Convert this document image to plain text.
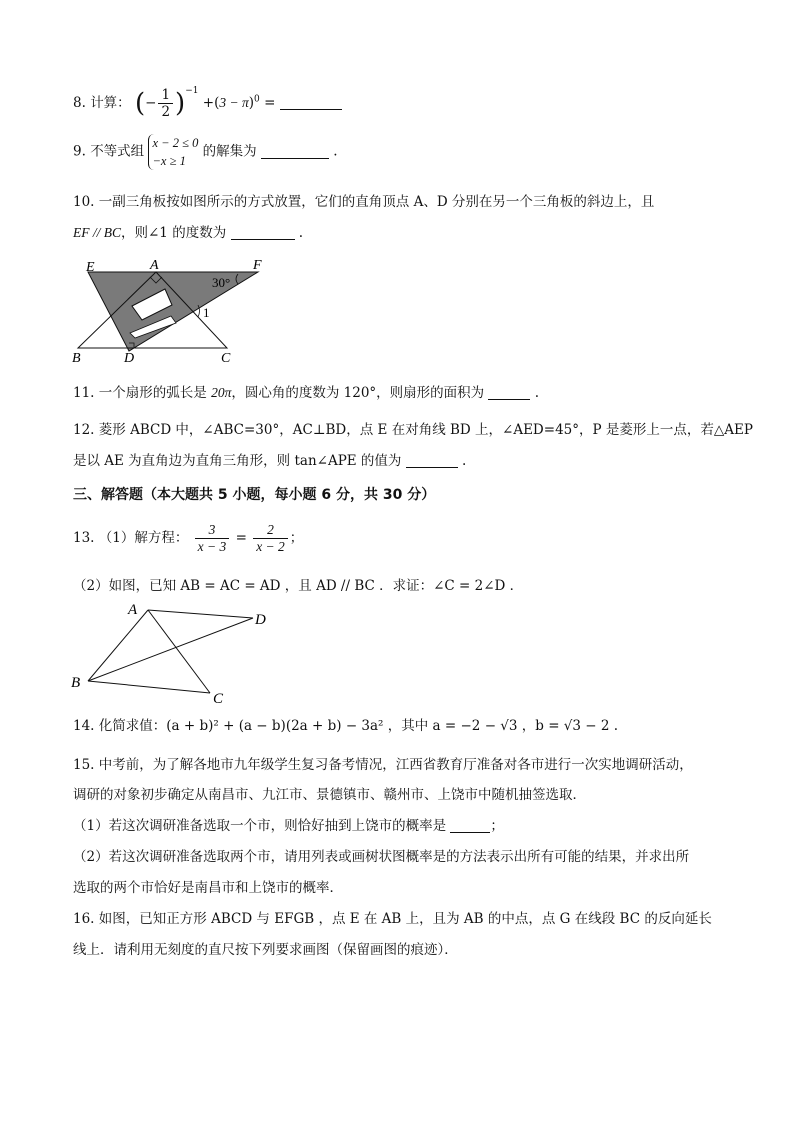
8. 计算： (− $\frac{1}{2} )^{-1} +(3 - \pi)^0$ =
9. 不等式组
x − 2 ≤ 0
−x ≥ 1
的解集为	.
10. 一副三角板按如图所示的方式放置，它们的直角顶点 A、D 分别在另一个三角板的斜边上，且
EF // BC，则∠1 的度数为	.
E	A	F
30°
1
B	D	C
11. 一个扇形的弧长是 20π，圆心角的度数为 120°，则扇形的面积为	.
12. 菱形 ABCD 中，∠ABC=30°，AC⊥BD，点 E 在对角线 BD 上，∠AED=45°，P 是菱形上一点，若△AEP
是以 AE 为直角边为直角三角形，则 tan∠APE 的值为	.
三、解答题（本大题共 5 小题，每小题 6 分，共 30 分）
13. （1）解方程： $\frac{3}{x - 3} = \frac{2}{x - 2}$ ；
（2）如图，已知 AB = AC = AD ，且 AD // BC ．求证：∠C = 2∠D ．
A
D
B
C
14. 化简求值：(a + b)² + (a − b)(2a + b) − 3a² ，其中 a = −2 − √3 ，b = √3 − 2 .
15. 中考前，为了解各地市九年级学生复习备考情况，江西省教育厅准备对各市进行一次实地调研活动，
调研的对象初步确定从南昌市、九江市、景德镇市、赣州市、上饶市中随机抽签选取．
（1）若这次调研准备选取一个市，则恰好抽到上饶市的概率是	；
（2）若这次调研准备选取两个市，请用列表或画树状图概率是的方法表示出所有可能的结果，并求出所
选取的两个市恰好是南昌市和上饶市的概率．
16. 如图，已知正方形 ABCD 与 EFGB ，点 E 在 AB 上，且为 AB 的中点，点 G 在线段 BC 的反向延长
线上．请利用无刻度的直尺按下列要求画图（保留画图的痕迹）．
